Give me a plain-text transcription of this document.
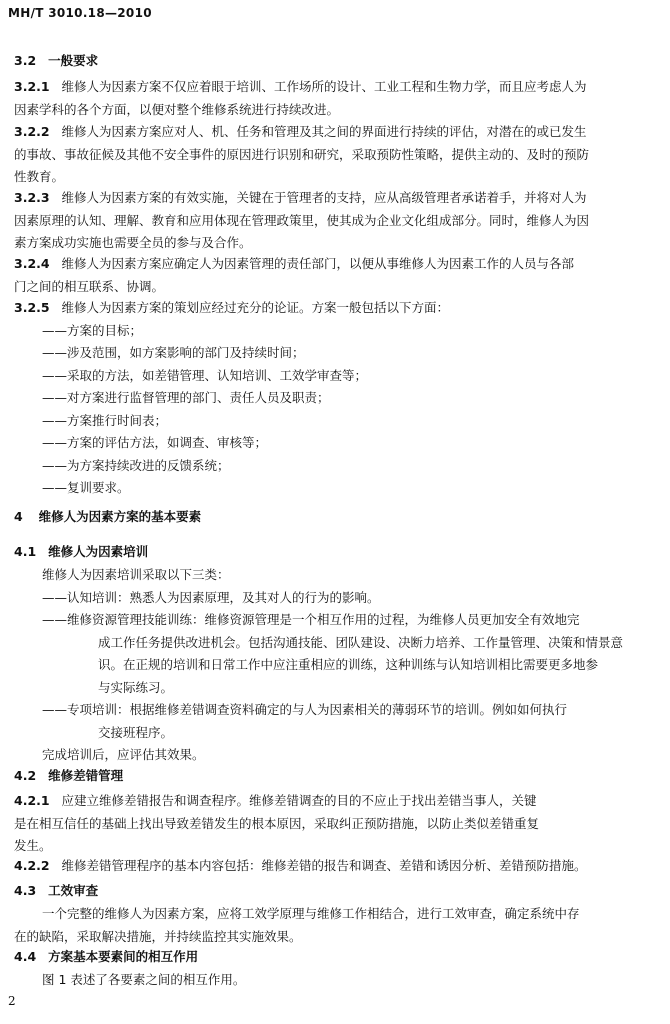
MH/T 3010.18—2010
3.2 一般要求
3.2.1 维修人为因素方案不仅应着眼于培训、工作场所的设计、工业工程和生物力学，而且应考虑人为
因素学科的各个方面，以便对整个维修系统进行持续改进。
3.2.2 维修人为因素方案应对人、机、任务和管理及其之间的界面进行持续的评估，对潜在的或已发生
的事故、事故征候及其他不安全事件的原因进行识别和研究，采取预防性策略，提供主动的、及时的预防
性教育。
3.2.3 维修人为因素方案的有效实施，关键在于管理者的支持，应从高级管理者承诺着手，并将对人为
因素原理的认知、理解、教育和应用体现在管理政策里，使其成为企业文化组成部分。同时，维修人为因
素方案成功实施也需要全员的参与及合作。
3.2.4 维修人为因素方案应确定人为因素管理的责任部门，以便从事维修人为因素工作的人员与各部
门之间的相互联系、协调。
3.2.5 维修人为因素方案的策划应经过充分的论证。方案一般包括以下方面：
——方案的目标；
——涉及范围，如方案影响的部门及持续时间；
——采取的方法，如差错管理、认知培训、工效学审查等；
——对方案进行监督管理的部门、责任人员及职责；
——方案推行时间表；
——方案的评估方法，如调查、审核等；
——为方案持续改进的反馈系统；
——复训要求。
4 维修人为因素方案的基本要素
4.1 维修人为因素培训
维修人为因素培训采取以下三类：
——认知培训：熟悉人为因素原理，及其对人的行为的影响。
——维修资源管理技能训练：维修资源管理是一个相互作用的过程，为维修人员更加安全有效地完
成工作任务提供改进机会。包括沟通技能、团队建设、决断力培养、工作量管理、决策和情景意
识。在正规的培训和日常工作中应注重相应的训练，这种训练与认知培训相比需要更多地参
与实际练习。
——专项培训：根据维修差错调查资料确定的与人为因素相关的薄弱环节的培训。例如如何执行
交接班程序。
完成培训后，应评估其效果。
4.2 维修差错管理
4.2.1 应建立维修差错报告和调查程序。维修差错调查的目的不应止于找出差错当事人，关键
是在相互信任的基础上找出导致差错发生的根本原因，采取纠正预防措施，以防止类似差错重复
发生。
4.2.2 维修差错管理程序的基本内容包括：维修差错的报告和调查、差错和诱因分析、差错预防措施。
4.3 工效审查
一个完整的维修人为因素方案，应将工效学原理与维修工作相结合，进行工效审查，确定系统中存
在的缺陷，采取解决措施，并持续监控其实施效果。
4.4 方案基本要素间的相互作用
图 1 表述了各要素之间的相互作用。
2
